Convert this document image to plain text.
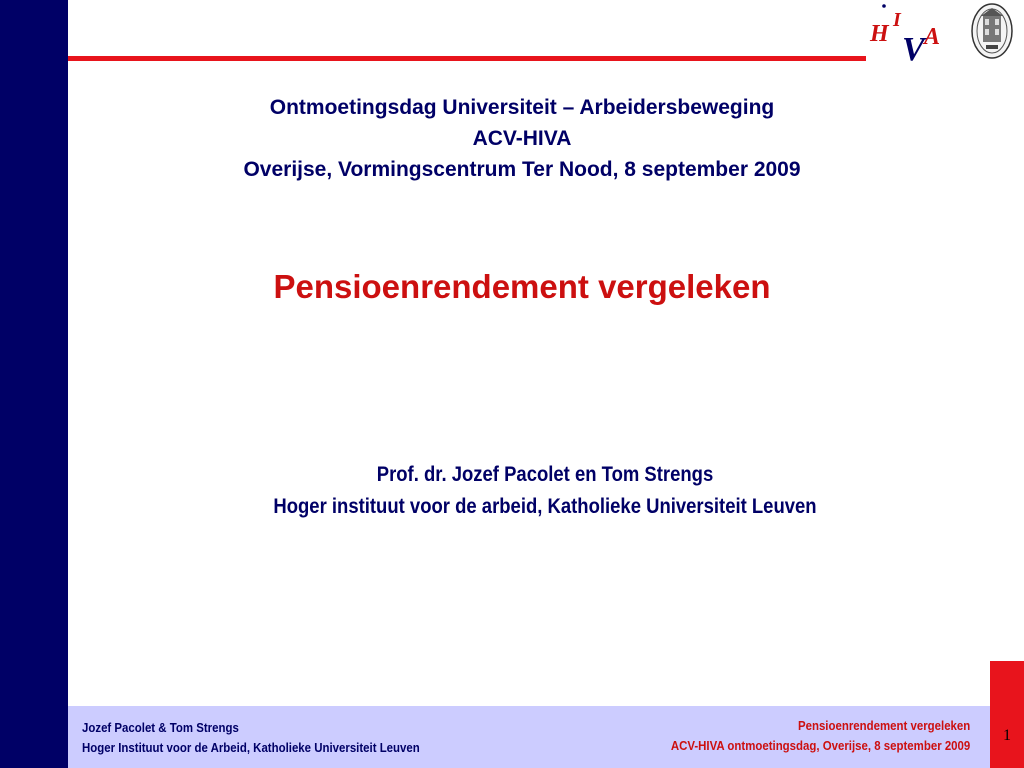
H
I
V A
Ontmoetingsdag Universiteit – Arbeidersbeweging
ACV-HIVA
Overijse, Vormingscentrum Ter Nood, 8 september 2009
Pensioenrendement vergeleken
Prof. dr. Jozef Pacolet en Tom Strengs
Hoger instituut voor de arbeid, Katholieke Universiteit Leuven
Jozef Pacolet & Tom Strengs
Hoger Instituut voor de Arbeid, Katholieke Universiteit Leuven
Pensioenrendement vergeleken
ACV-HIVA ontmoetingsdag, Overijse, 8 september 2009
1
